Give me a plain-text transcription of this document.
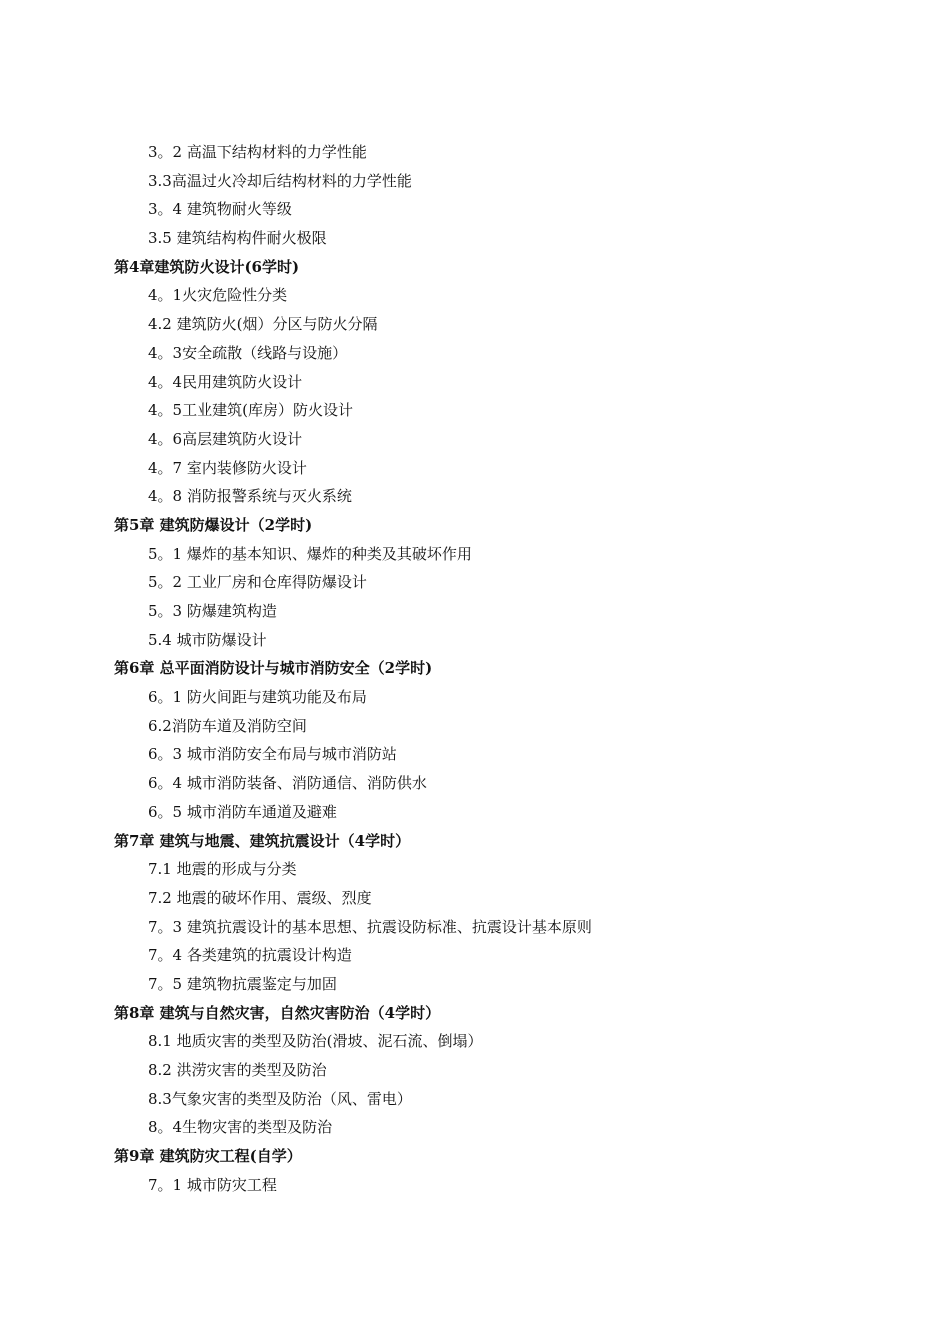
3。2 高温下结构材料的力学性能
3.3高温过火冷却后结构材料的力学性能
3。4 建筑物耐火等级
3.5 建筑结构构件耐火极限
第4章建筑防火设计(6学时)
4。1火灾危险性分类
4.2 建筑防火(烟）分区与防火分隔
4。3安全疏散（线路与设施）
4。4民用建筑防火设计
4。5工业建筑(库房）防火设计
4。6高层建筑防火设计
4。7 室内装修防火设计
4。8 消防报警系统与灭火系统
第5章 建筑防爆设计（2学时)
5。1 爆炸的基本知识、爆炸的种类及其破坏作用
5。2 工业厂房和仓库得防爆设计
5。3 防爆建筑构造
5.4 城市防爆设计
第6章 总平面消防设计与城市消防安全（2学时)
6。1 防火间距与建筑功能及布局
6.2消防车道及消防空间
6。3 城市消防安全布局与城市消防站
6。4 城市消防装备、消防通信、消防供水
6。5 城市消防车通道及避难
第7章 建筑与地震、建筑抗震设计（4学时）
7.1 地震的形成与分类
7.2 地震的破坏作用、震级、烈度
7。3 建筑抗震设计的基本思想、抗震设防标准、抗震设计基本原则
7。4 各类建筑的抗震设计构造
7。5 建筑物抗震鉴定与加固
第8章 建筑与自然灾害，自然灾害防治（4学时）
8.1 地质灾害的类型及防治(滑坡、泥石流、倒塌）
8.2 洪涝灾害的类型及防治
8.3气象灾害的类型及防治（风、雷电）
8。4生物灾害的类型及防治
第9章 建筑防灾工程(自学）
7。1 城市防灾工程
